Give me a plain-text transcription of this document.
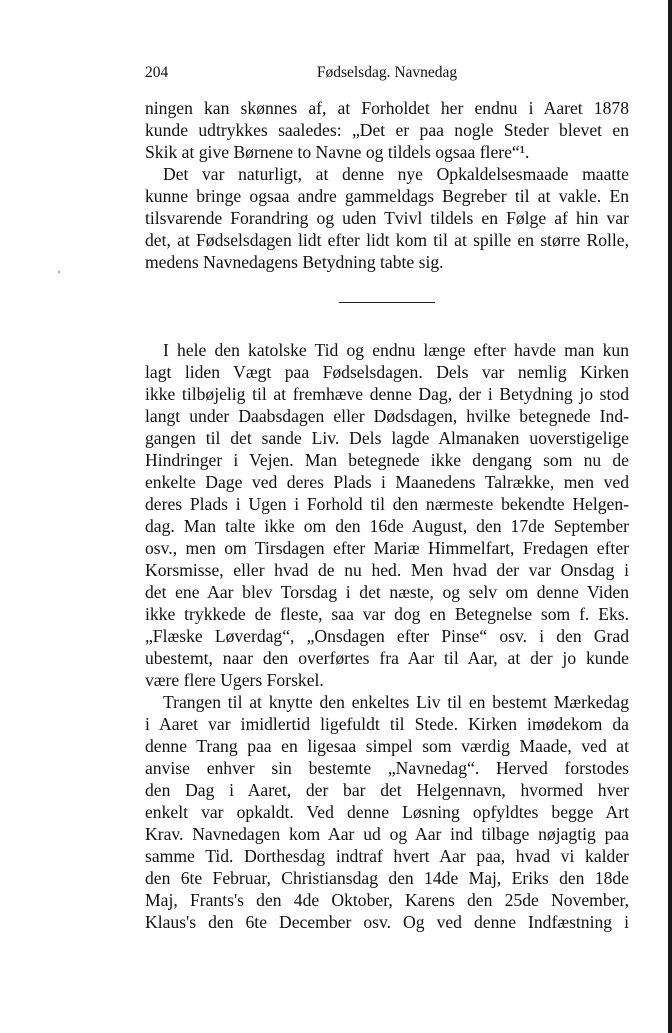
204	Fødselsdag. Navnedag
ningen kan skønnes af, at Forholdet her endnu i Aaret 1878
kunde udtrykkes saaledes: „Det er paa nogle Steder blevet en
Skik at give Børnene to Navne og tildels ogsaa flere“¹.
Det var naturligt, at denne nye Opkaldelsesmaade maatte
kunne bringe ogsaa andre gammeldags Begreber til at vakle. En
tilsvarende Forandring og uden Tvivl tildels en Følge af hin var
det, at Fødselsdagen lidt efter lidt kom til at spille en større Rolle,
medens Navnedagens Betydning tabte sig.
I hele den katolske Tid og endnu længe efter havde man kun
lagt liden Vægt paa Fødselsdagen. Dels var nemlig Kirken
ikke tilbøjelig til at fremhæve denne Dag, der i Betydning jo stod
langt under Daabsdagen eller Dødsdagen, hvilke betegnede Ind-
gangen til det sande Liv. Dels lagde Almanaken uoverstigelige
Hindringer i Vejen. Man betegnede ikke dengang som nu de
enkelte Dage ved deres Plads i Maanedens Talrække, men ved
deres Plads i Ugen i Forhold til den nærmeste bekendte Helgen-
dag. Man talte ikke om den 16de August, den 17de September
osv., men om Tirsdagen efter Mariæ Himmelfart, Fredagen efter
Korsmisse, eller hvad de nu hed. Men hvad der var Onsdag i
det ene Aar blev Torsdag i det næste, og selv om denne Viden
ikke trykkede de fleste, saa var dog en Betegnelse som f. Eks.
„Flæske Løverdag“, „Onsdagen efter Pinse“ osv. i den Grad
ubestemt, naar den overførtes fra Aar til Aar, at der jo kunde
være flere Ugers Forskel.
Trangen til at knytte den enkeltes Liv til en bestemt Mærkedag
i Aaret var imidlertid ligefuldt til Stede. Kirken imødekom da
denne Trang paa en ligesaa simpel som værdig Maade, ved at
anvise enhver sin bestemte „Navnedag“. Herved forstodes
den Dag i Aaret, der bar det Helgennavn, hvormed hver
enkelt var opkaldt. Ved denne Løsning opfyldtes begge Art
Krav. Navnedagen kom Aar ud og Aar ind tilbage nøjagtig paa
samme Tid. Dorthesdag indtraf hvert Aar paa, hvad vi kalder
den 6te Februar, Christiansdag den 14de Maj, Eriks den 18de
Maj, Frants's den 4de Oktober, Karens den 25de November,
Klaus's den 6te December osv. Og ved denne Indfæstning i
